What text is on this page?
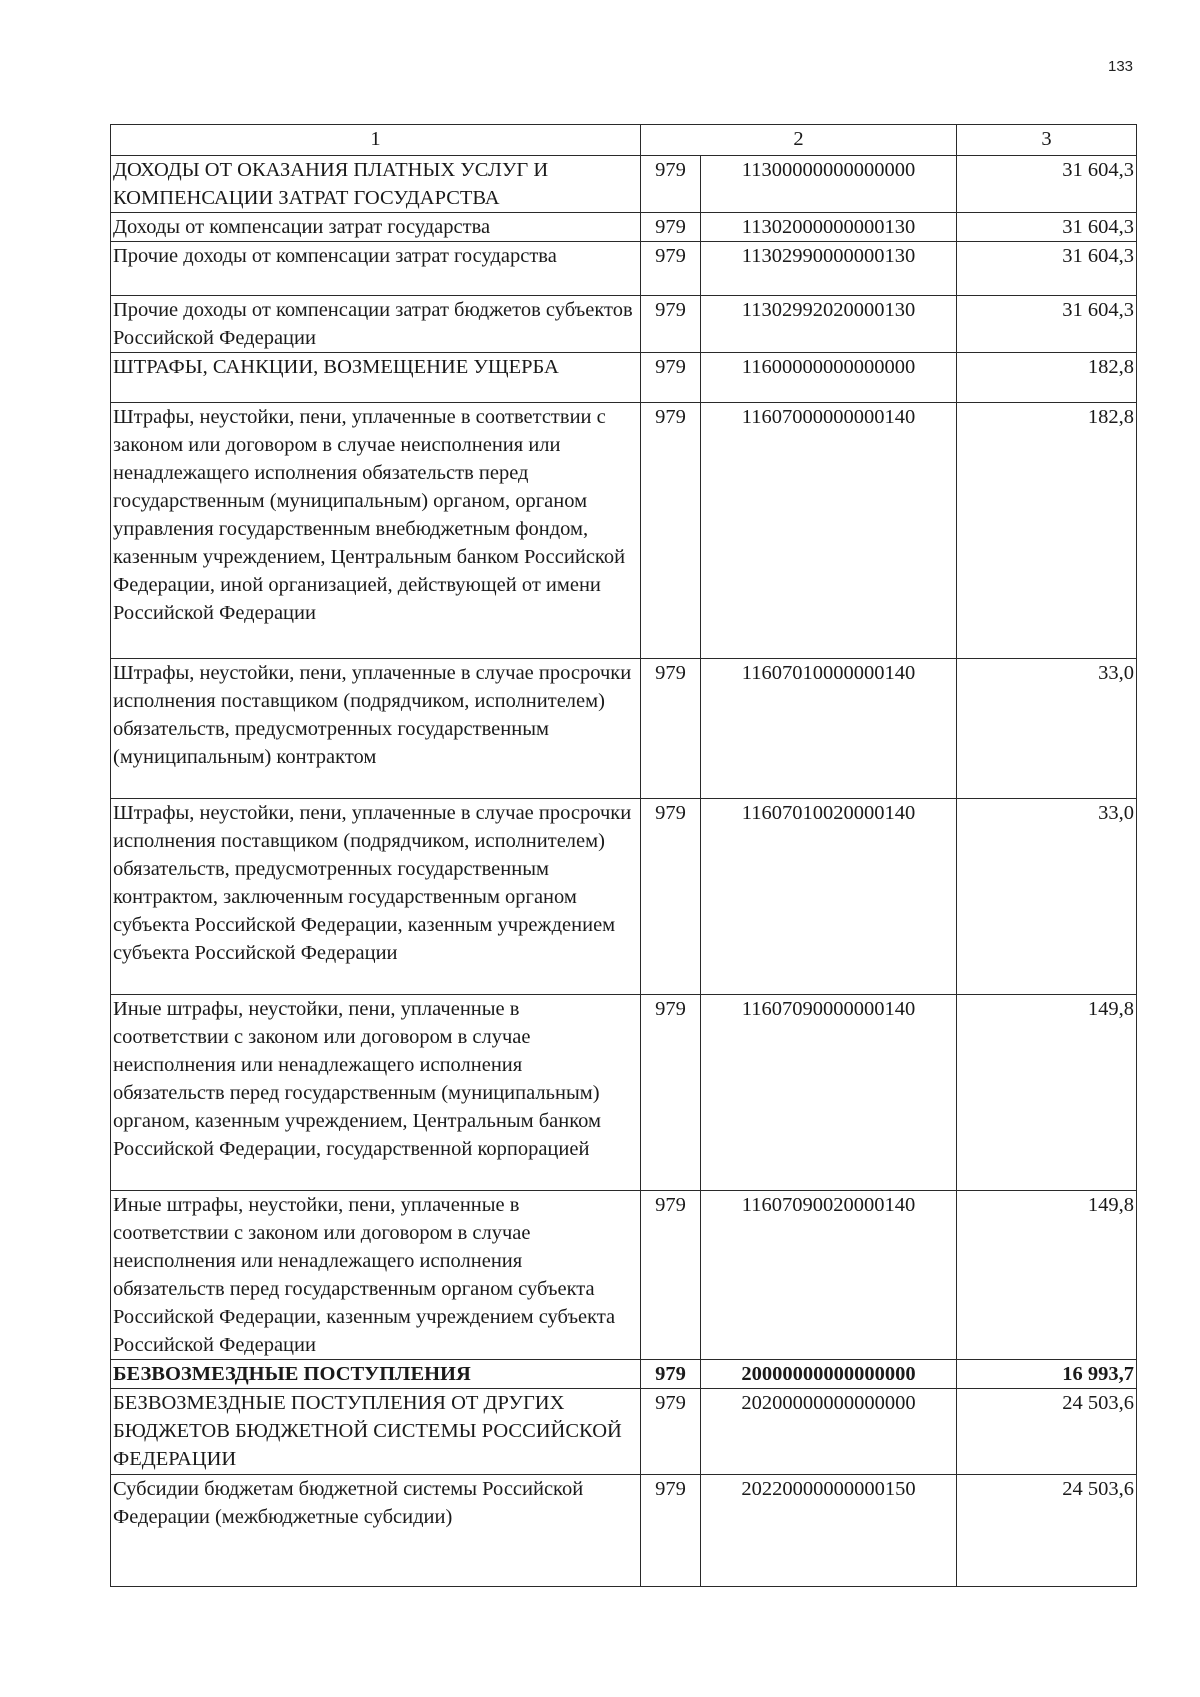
133
1	2		3
ДОХОДЫ ОТ ОКАЗАНИЯ ПЛАТНЫХ УСЛУГ И КОМПЕНСАЦИИ ЗАТРАТ ГОСУДАРСТВА	979	11300000000000000	31 604,3
Доходы от компенсации затрат государства	979	11302000000000130	31 604,3
Прочие доходы от компенсации затрат государства	979	11302990000000130	31 604,3
Прочие доходы от компенсации затрат бюджетов субъектов Российской Федерации	979	11302992020000130	31 604,3
ШТРАФЫ, САНКЦИИ, ВОЗМЕЩЕНИЕ УЩЕРБА	979	11600000000000000	182,8
Штрафы, неустойки, пени, уплаченные в соответствии с законом или договором в случае неисполнения или ненадлежащего исполнения обязательств перед государственным (муниципальным) органом, органом управления государственным внебюджетным фондом, казенным учреждением, Центральным банком Российской Федерации, иной организацией, действующей от имени Российской Федерации	979	11607000000000140	182,8
Штрафы, неустойки, пени, уплаченные в случае просрочки исполнения поставщиком (подрядчиком, исполнителем) обязательств, предусмотренных государственным (муниципальным) контрактом	979	11607010000000140	33,0
Штрафы, неустойки, пени, уплаченные в случае просрочки исполнения поставщиком (подрядчиком, исполнителем) обязательств, предусмотренных государственным контрактом, заключенным государственным органом субъекта Российской Федерации, казенным учреждением субъекта Российской Федерации	979	11607010020000140	33,0
Иные штрафы, неустойки, пени, уплаченные в соответствии с законом или договором в случае неисполнения или ненадлежащего исполнения обязательств перед государственным (муниципальным) органом, казенным учреждением, Центральным банком Российской Федерации, государственной корпорацией	979	11607090000000140	149,8
Иные штрафы, неустойки, пени, уплаченные в соответствии с законом или договором в случае неисполнения или ненадлежащего исполнения обязательств перед государственным органом субъекта Российской Федерации, казенным учреждением субъекта Российской Федерации	979	11607090020000140	149,8
БЕЗВОЗМЕЗДНЫЕ ПОСТУПЛЕНИЯ	979	20000000000000000	16 993,7
БЕЗВОЗМЕЗДНЫЕ ПОСТУПЛЕНИЯ ОТ ДРУГИХ БЮДЖЕТОВ БЮДЖЕТНОЙ СИСТЕМЫ РОССИЙСКОЙ ФЕДЕРАЦИИ	979	20200000000000000	24 503,6
Субсидии бюджетам бюджетной системы Российской Федерации (межбюджетные субсидии)	979	20220000000000150	24 503,6
